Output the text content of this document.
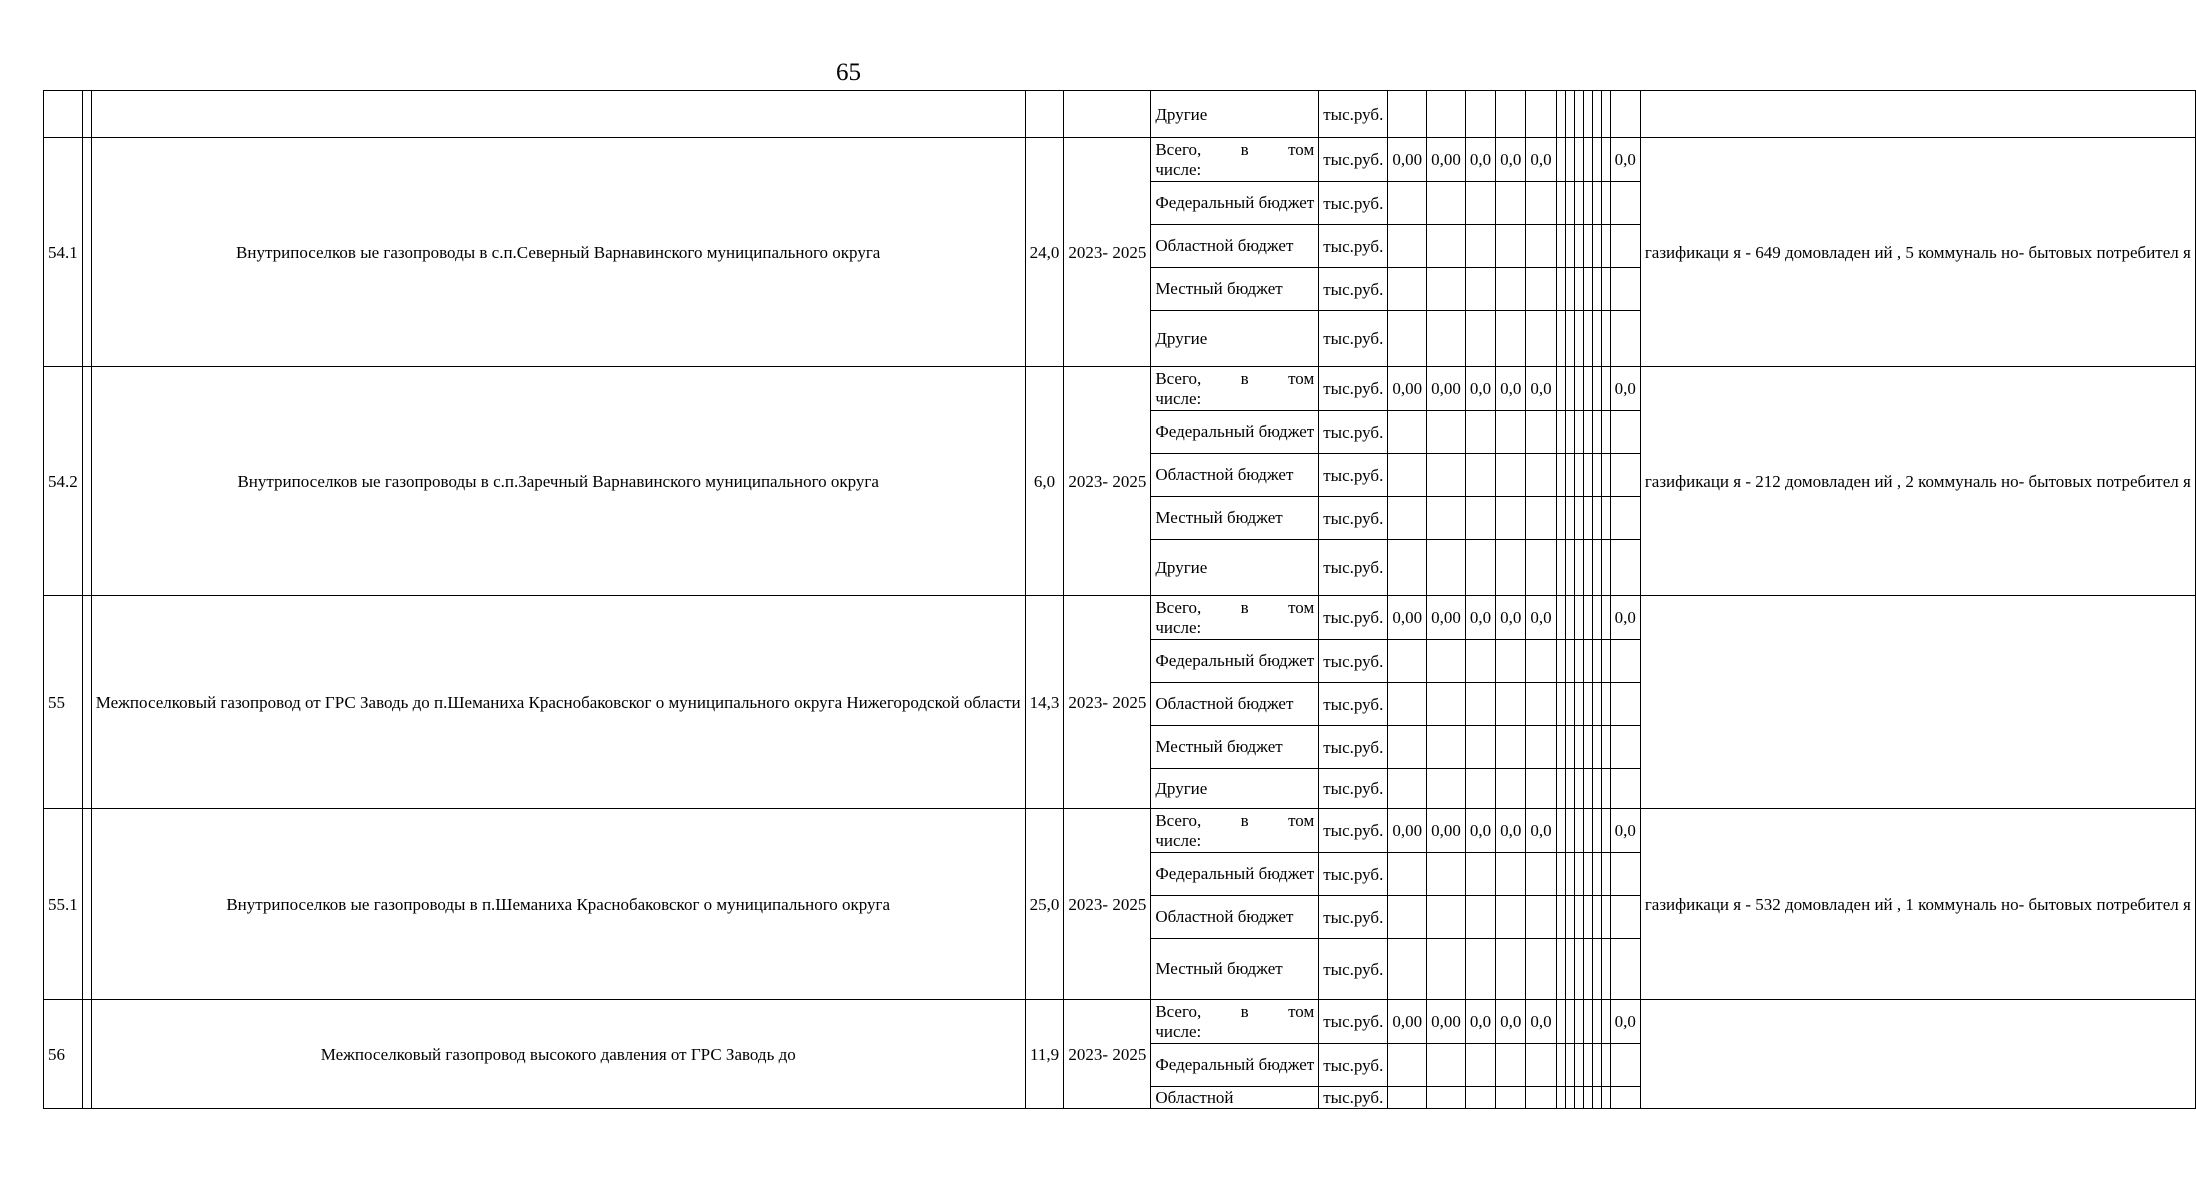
65
					Другие	тыс.руб.													
54.1		Внутрипоселков ые газопроводы в с.п.Северный Варнавинского муниципального округа	24,0	2023- 2025	Всего, в том
числе:	тыс.руб.	0,00	0,00	0,0	0,0	0,0							0,0	газификаци я - 649 домовладен ий , 5 коммуналь но- бытовых потребител я
					Федеральный бюджет	тыс.руб.													
					Областной бюджет	тыс.руб.													
					Местный бюджет	тыс.руб.													
					Другие	тыс.руб.													
54.2		Внутрипоселков ые газопроводы в с.п.Заречный Варнавинского муниципального округа	6,0	2023- 2025	Всего, в том
числе:	тыс.руб.	0,00	0,00	0,0	0,0	0,0							0,0	газификаци я - 212 домовладен ий , 2 коммуналь но- бытовых потребител я
					Федеральный бюджет	тыс.руб.													
					Областной бюджет	тыс.руб.													
					Местный бюджет	тыс.руб.													
					Другие	тыс.руб.													
55		Межпоселковый газопровод от ГРС Заводь до п.Шеманиха Краснобаковског о муниципального округа Нижегородской области	14,3	2023- 2025	Всего, в том
числе:	тыс.руб.	0,00	0,00	0,0	0,0	0,0							0,0	
					Федеральный бюджет	тыс.руб.													
					Областной бюджет	тыс.руб.													
					Местный бюджет	тыс.руб.													
					Другие	тыс.руб.													
55.1		Внутрипоселков ые газопроводы в п.Шеманиха Краснобаковског о муниципального округа	25,0	2023- 2025	Всего, в том
числе:	тыс.руб.	0,00	0,00	0,0	0,0	0,0							0,0	газификаци я - 532 домовладен ий , 1 коммуналь но- бытовых потребител я
					Федеральный бюджет	тыс.руб.													
					Областной бюджет	тыс.руб.													
					Местный бюджет	тыс.руб.													
56		Межпоселковый газопровод высокого давления от ГРС Заводь до	11,9	2023- 2025	Всего, в том
числе:	тыс.руб.	0,00	0,00	0,0	0,0	0,0							0,0	
					Федеральный бюджет	тыс.руб.													
					Областной	тыс.руб.													
